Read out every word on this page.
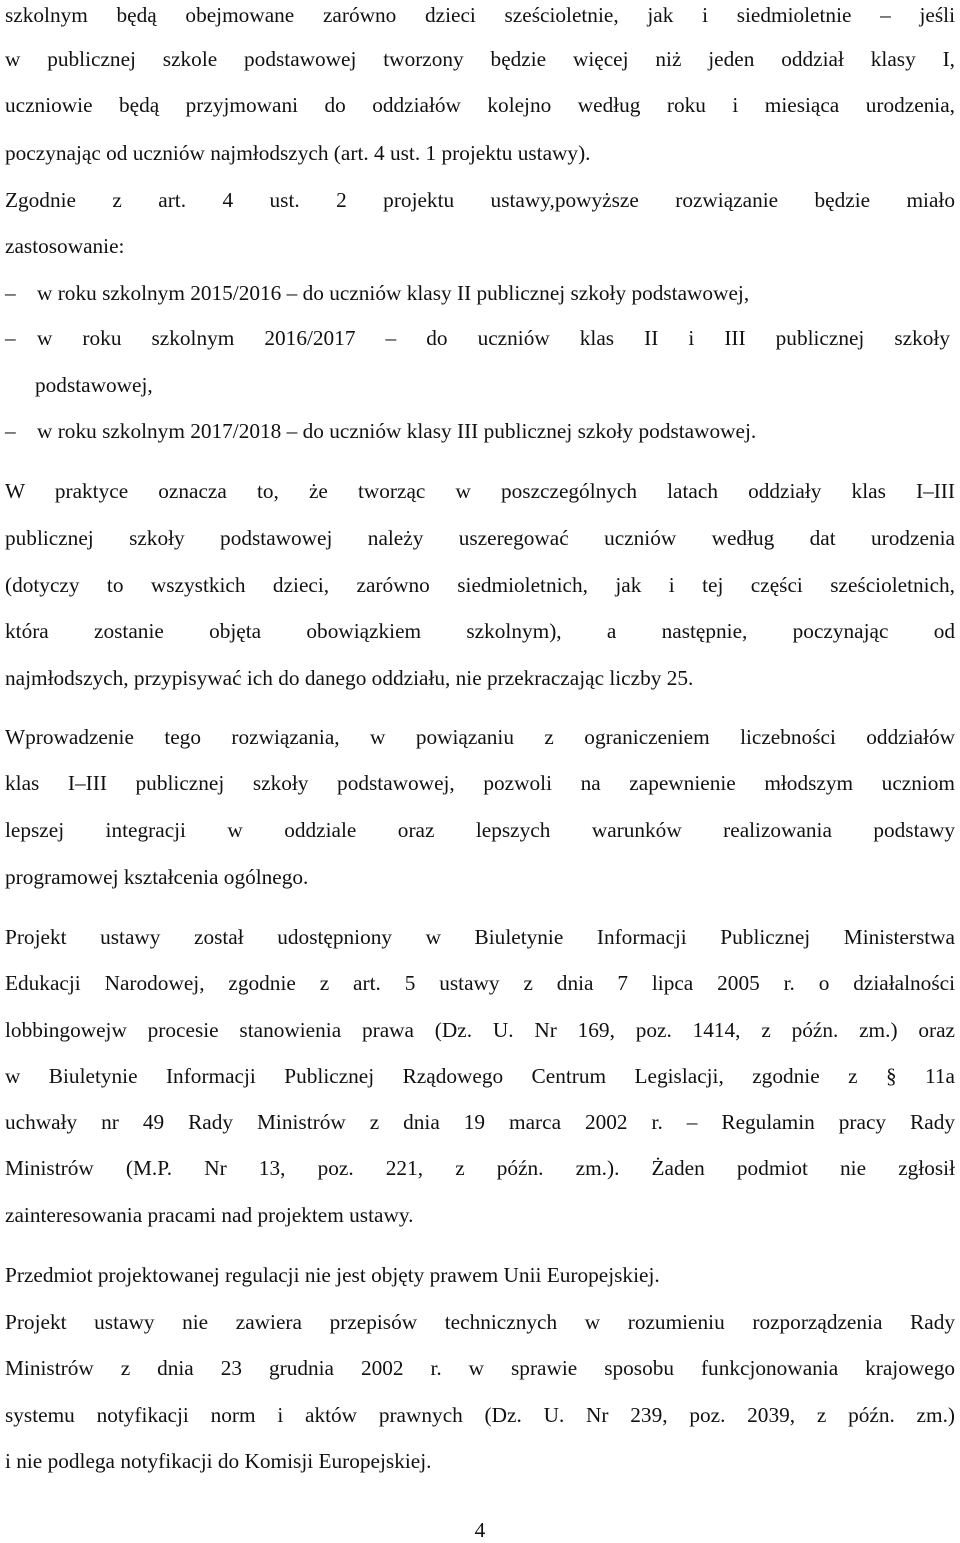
szkolnym będą obejmowane zarówno dzieci sześcioletnie, jak i siedmioletnie – jeśli
w publicznej szkole podstawowej tworzony będzie więcej niż jeden oddział klasy I,
uczniowie będą przyjmowani do oddziałów kolejno według roku i miesiąca urodzenia,
poczynając od uczniów najmłodszych (art. 4 ust. 1 projektu ustawy).
Zgodnie z art. 4 ust. 2 projektu ustawy,powyższe rozwiązanie będzie miało
zastosowanie:
–	w roku szkolnym 2015/2016 – do uczniów klasy II publicznej szkoły podstawowej,
–	w roku szkolnym 2016/2017 – do uczniów klas II i III publicznej szkoły
podstawowej,
–	w roku szkolnym 2017/2018 – do uczniów klasy III publicznej szkoły podstawowej.
W praktyce oznacza to, że tworząc w poszczególnych latach oddziały klas I–III
publicznej szkoły podstawowej należy uszeregować uczniów według dat urodzenia
(dotyczy to wszystkich dzieci, zarówno siedmioletnich, jak i tej części sześcioletnich,
która zostanie objęta obowiązkiem szkolnym), a następnie, poczynając od
najmłodszych, przypisywać ich do danego oddziału, nie przekraczając liczby 25.
Wprowadzenie tego rozwiązania, w powiązaniu z ograniczeniem liczebności oddziałów
klas I–III publicznej szkoły podstawowej, pozwoli na zapewnienie młodszym uczniom
lepszej integracji w oddziale oraz lepszych warunków realizowania podstawy
programowej kształcenia ogólnego.
Projekt ustawy został udostępniony w Biuletynie Informacji Publicznej Ministerstwa
Edukacji Narodowej, zgodnie z art. 5 ustawy z dnia 7 lipca 2005 r. o działalności
lobbingowejw procesie stanowienia prawa (Dz. U. Nr 169, poz. 1414, z późn. zm.) oraz
w Biuletynie Informacji Publicznej Rządowego Centrum Legislacji, zgodnie z § 11a
uchwały nr 49 Rady Ministrów z dnia 19 marca 2002 r. – Regulamin pracy Rady
Ministrów (M.P. Nr 13, poz. 221, z późn. zm.). Żaden podmiot nie zgłosił
zainteresowania pracami nad projektem ustawy.
Przedmiot projektowanej regulacji nie jest objęty prawem Unii Europejskiej.
Projekt ustawy nie zawiera przepisów technicznych w rozumieniu rozporządzenia Rady
Ministrów z dnia 23 grudnia 2002 r. w sprawie sposobu funkcjonowania krajowego
systemu notyfikacji norm i aktów prawnych (Dz. U. Nr 239, poz. 2039, z późn. zm.)
i nie podlega notyfikacji do Komisji Europejskiej.
4
